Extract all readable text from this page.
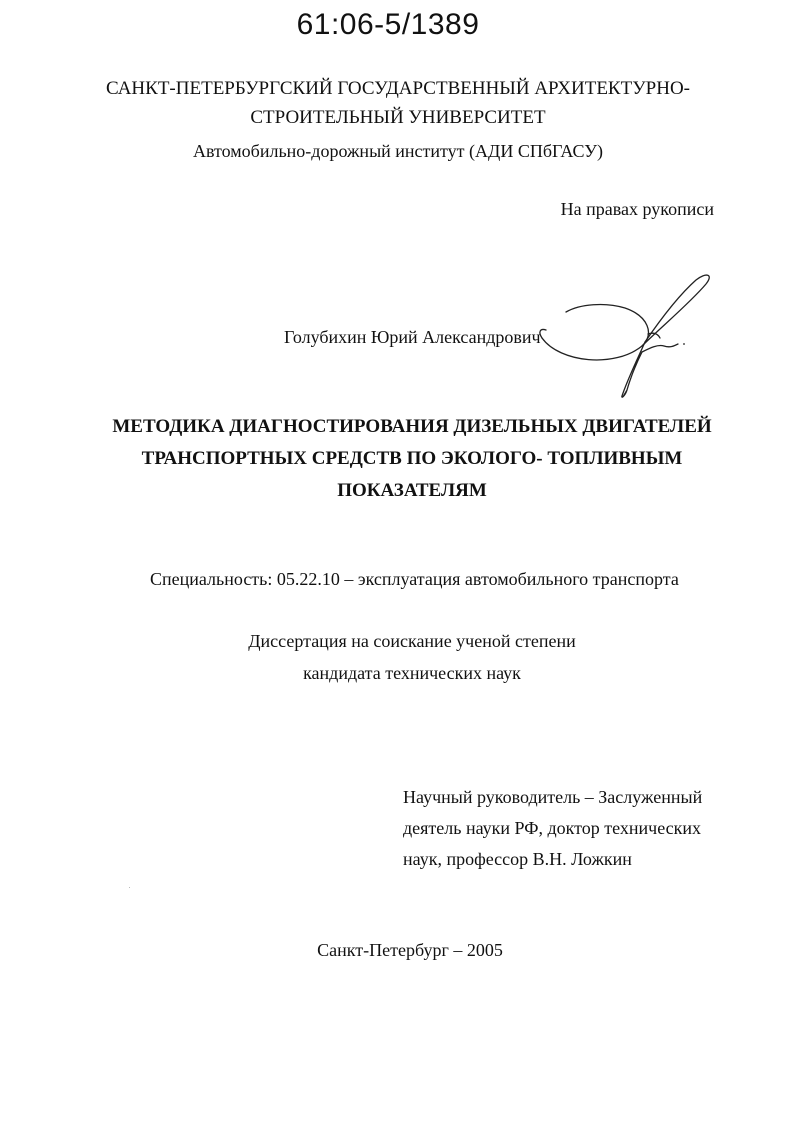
61:06-5/1389
САНКТ-ПЕТЕРБУРГСКИЙ ГОСУДАРСТВЕННЫЙ АРХИТЕКТУРНО-
СТРОИТЕЛЬНЫЙ УНИВЕРСИТЕТ
Автомобильно-дорожный институт (АДИ СПбГАСУ)
На правах рукописи
Голубихин Юрий Александрович
МЕТОДИКА ДИАГНОСТИРОВАНИЯ ДИЗЕЛЬНЫХ ДВИГАТЕЛЕЙ
ТРАНСПОРТНЫХ СРЕДСТВ ПО ЭКОЛОГО- ТОПЛИВНЫМ
ПОКАЗАТЕЛЯМ
Специальность: 05.22.10 – эксплуатация автомобильного транспорта
Диссертация на соискание ученой степени
кандидата технических наук
Научный руководитель – Заслуженный
деятель науки РФ, доктор технических
наук, профессор В.Н. Ложкин
Санкт-Петербург – 2005
